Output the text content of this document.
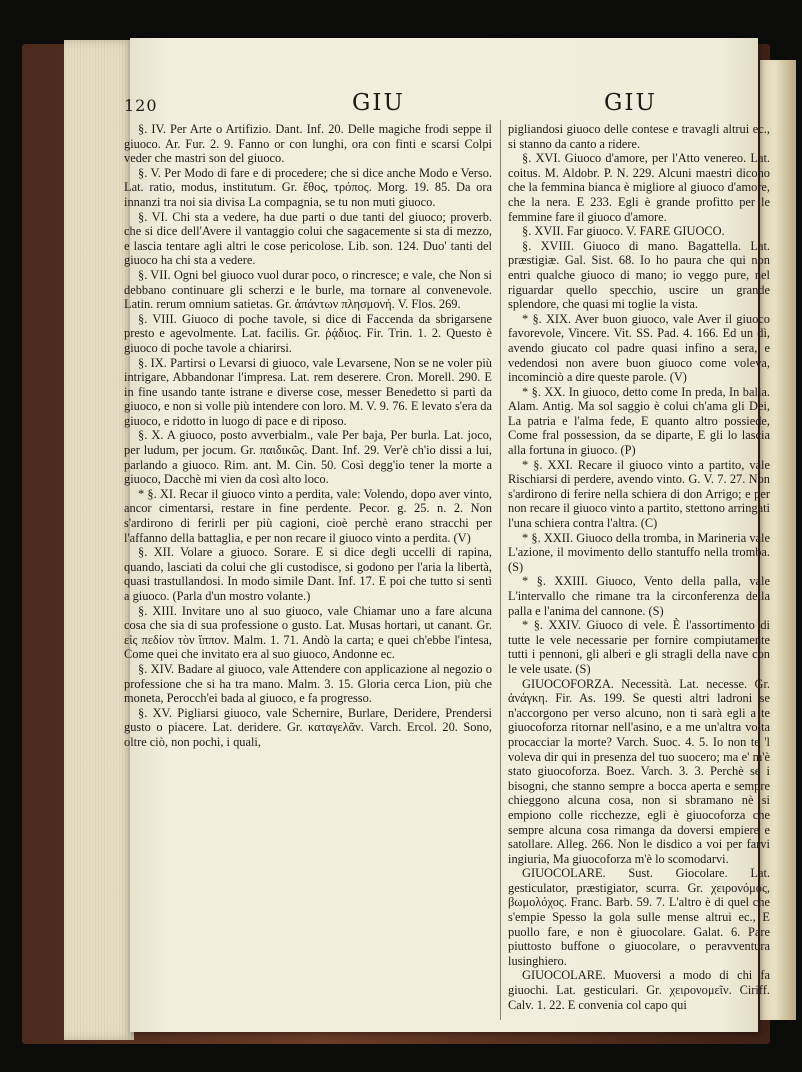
120	GIU	GIU

§. IV. Per Arte o Artifizio. Dant. Inf. 20. Delle magiche frodi seppe il giuoco. Ar. Fur. 2. 9. Fanno or con lunghi, ora con finti e scarsi Colpi veder che mastri son del giuoco.

§. V. Per Modo di fare e di procedere; che si dice anche Modo e Verso. Lat. ratio, modus, institutum. Gr. ἔθος, τρόπος. Morg. 19. 85. Da ora innanzi tra noi sia divisa La compagnia, se tu non muti giuoco.

§. VI. Chi sta a vedere, ha due parti o due tanti del giuoco; proverb. che si dice dell'Avere il vantaggio colui che sagacemente si sta di mezzo, e lascia tentare agli altri le cose pericolose. Lib. son. 124. Duo' tanti del giuoco ha chi sta a vedere.

§. VII. Ogni bel giuoco vuol durar poco, o rincresce; e vale, che Non si debbano continuare gli scherzi e le burle, ma tornare al convenevole. Latin. rerum omnium satietas. Gr. ἁπάντων πλησμονή. V. Flos. 269.

§. VIII. Giuoco di poche tavole, si dice di Faccenda da sbrigarsene presto e agevolmente. Lat. facilis. Gr. ῥᾴδιος. Fir. Trin. 1. 2. Questo è giuoco di poche tavole a chiarirsi.

§. IX. Partirsi o Levarsi di giuoco, vale Levarsene, Non se ne voler più intrigare, Abbandonar l'impresa. Lat. rem deserere. Cron. Morell. 290. E in fine usando tante istrane e diverse cose, messer Benedetto si partì da giuoco, e non si volle più intendere con loro. M. V. 9. 76. E levato s'era da giuoco, e ridotto in luogo di pace e di riposo.

§. X. A giuoco, posto avverbialm., vale Per baja, Per burla. Lat. joco, per ludum, per jocum. Gr. παιδικῶς. Dant. Inf. 29. Ver'è ch'io dissi a lui, parlando a giuoco. Rim. ant. M. Cin. 50. Così degg'io tener la morte a giuoco, Dacchè mi vien da così alto loco.

* §. XI. Recar il giuoco vinto a perdita, vale: Volendo, dopo aver vinto, ancor cimentarsi, restare in fine perdente. Pecor. g. 25. n. 2. Non s'ardirono di ferirli per più cagioni, cioè perchè erano stracchi per l'affanno della battaglia, e per non recare il giuoco vinto a perdita. (V)

§. XII. Volare a giuoco. Sorare. E si dice degli uccelli di rapina, quando, lasciati da colui che gli custodisce, si godono per l'aria la libertà, quasi trastullandosi. In modo simile Dant. Inf. 17. E poi che tutto si sentì a giuoco. (Parla d'un mostro volante.)

§. XIII. Invitare uno al suo giuoco, vale Chiamar uno a fare alcuna cosa che sia di sua professione o gusto. Lat. Musas hortari, ut canant. Gr. εἰς πεδίον τὸν ἵππον. Malm. 1. 71. Andò la carta; e quei ch'ebbe l'intesa, Come quei che invitato era al suo giuoco, Andonne ec.

§. XIV. Badare al giuoco, vale Attendere con applicazione al negozio o professione che si ha tra mano. Malm. 3. 15. Gloria cerca Lion, più che moneta, Perocch'ei bada al giuoco, e fa progresso.

§. XV. Pigliarsi giuoco, vale Schernire, Burlare, Deridere, Prendersi gusto o piacere. Lat. deridere. Gr. καταγελᾶν. Varch. Ercol. 20. Sono, oltre ciò, non pochi, i quali,

pigliandosi giuoco delle contese e travagli altrui ec., si stanno da canto a ridere.

§. XVI. Giuoco d'amore, per l'Atto venereo. Lat. coitus. M. Aldobr. P. N. 229. Alcuni maestri dicono che la femmina bianca è migliore al giuoco d'amore, che la nera. E 233. Egli è grande profitto per le femmine fare il giuoco d'amore.

§. XVII. Far giuoco. V. FARE GIUOCO.

§. XVIII. Giuoco di mano. Bagattella. Lat. præstigiæ. Gal. Sist. 68. Io ho paura che qui non entri qualche giuoco di mano; io veggo pure, nel riguardar quello specchio, uscire un grande splendore, che quasi mi toglie la vista.

* §. XIX. Aver buon giuoco, vale Aver il giuoco favorevole, Vincere. Vit. SS. Pad. 4. 166. Ed un dì, avendo giucato col padre quasi infino a sera, e vedendosi non avere buon giuoco come voleva, incominciò a dire queste parole. (V)

* §. XX. In giuoco, detto come In preda, In balìa. Alam. Antig. Ma sol saggio è colui ch'ama gli Dei, La patria e l'alma fede, E quanto altro possiede, Come fral possession, da se diparte, E gli lo lascia alla fortuna in giuoco. (P)

* §. XXI. Recare il giuoco vinto a partito, vale Rischiarsi di perdere, avendo vinto. G. V. 7. 27. Non s'ardirono di ferire nella schiera di don Arrigo; e per non recare il giuoco vinto a partito, stettono arringati l'una schiera contra l'altra. (C)

* §. XXII. Giuoco della tromba, in Marineria vale L'azione, il movimento dello stantuffo nella tromba. (S)

* §. XXIII. Giuoco, Vento della palla, vale L'intervallo che rimane tra la circonferenza della palla e l'anima del cannone. (S)

* §. XXIV. Giuoco di vele. È l'assortimento di tutte le vele necessarie per fornire compiutamente tutti i pennoni, gli alberi e gli stragli della nave con le vele usate. (S)

GIUOCOFORZA. Necessità. Lat. necesse. Gr. ἀνάγκη. Fir. As. 199. Se questi altri ladroni se n'accorgono per verso alcuno, non ti sarà egli a te giuocoforza ritornar nell'asino, e a me un'altra volta procacciar la morte? Varch. Suoc. 4. 5. Io non te 'l voleva dir qui in presenza del tuo suocero; ma e' m'è stato giuocoforza. Boez. Varch. 3. 3. Perchè se i bisogni, che stanno sempre a bocca aperta e sempre chieggono alcuna cosa, non si sbramano nè si empiono colle ricchezze, egli è giuocoforza che sempre alcuna cosa rimanga da doversi empiere e satollare. Alleg. 266. Non le disdico a voi per farvi ingiuria, Ma giuocoforza m'è lo scomodarvi.

GIUOCOLARE. Sust. Giocolare. Lat. gesticulator, præstigiator, scurra. Gr. χειρονόμος, βωμολόχος. Franc. Barb. 59. 7. L'altro è di quel che s'empie Spesso la gola sulle mense altrui ec., E puollo fare, e non è giuocolare. Galat. 6. Pare piuttosto buffone o giuocolare, o peravventura lusinghiero.

GIUOCOLARE. Muoversi a modo di chi fa giuochi. Lat. gesticulari. Gr. χειρονομεῖν. Ciriff. Calv. 1. 22. E convenia col capo qui
